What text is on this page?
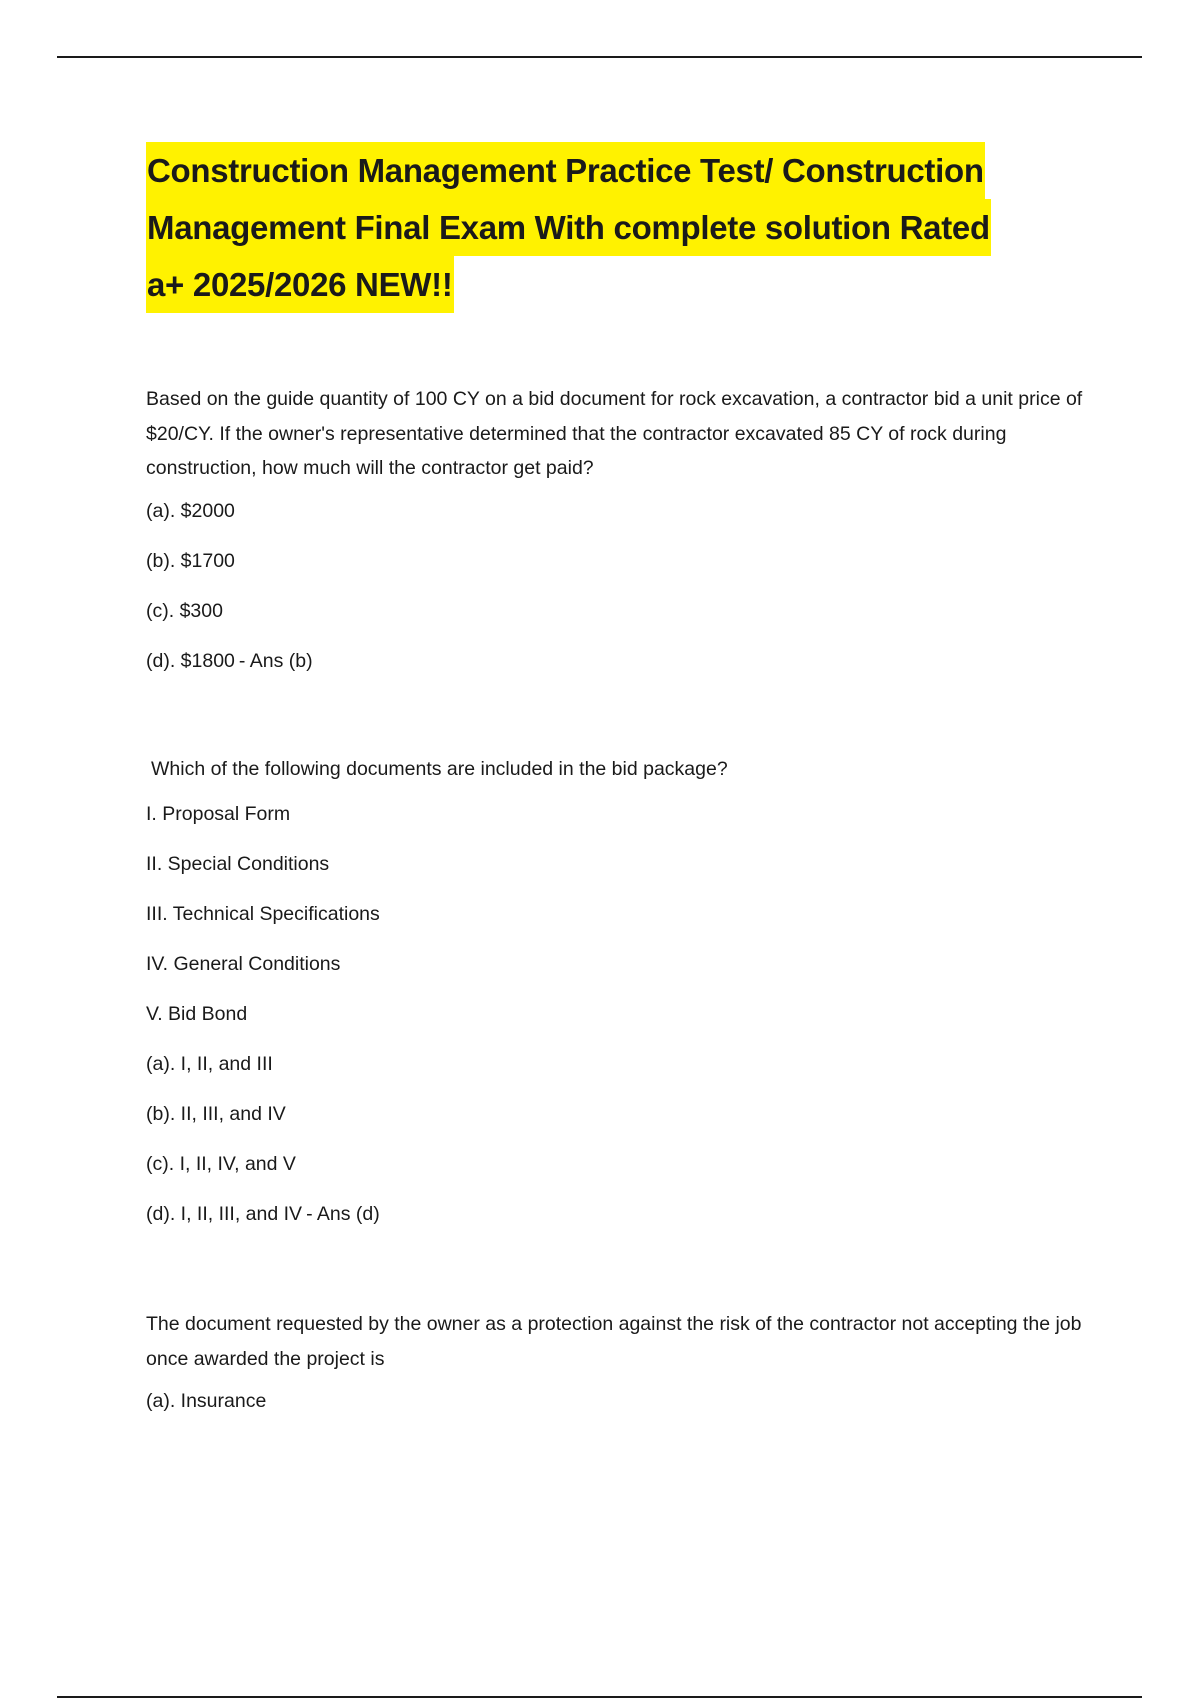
Construction Management Practice Test/ Construction
Management Final Exam With complete solution Rated
a+ 2025/2026 NEW!!

Based on the guide quantity of 100 CY on a bid document for rock excavation, a contractor bid a unit price of $20/CY. If the owner's representative determined that the contractor excavated 85 CY of rock during construction, how much will the contractor get paid?

(a). $2000

(b). $1700

(c). $300

(d). $1800 - Ans (b)

Which of the following documents are included in the bid package?

I. Proposal Form

II. Special Conditions

III. Technical Specifications

IV. General Conditions

V. Bid Bond

(a). I, II, and III

(b). II, III, and IV

(c). I, II, IV, and V

(d). I, II, III, and IV - Ans (d)

The document requested by the owner as a protection against the risk of the contractor not accepting the job once awarded the project is

(a). Insurance
